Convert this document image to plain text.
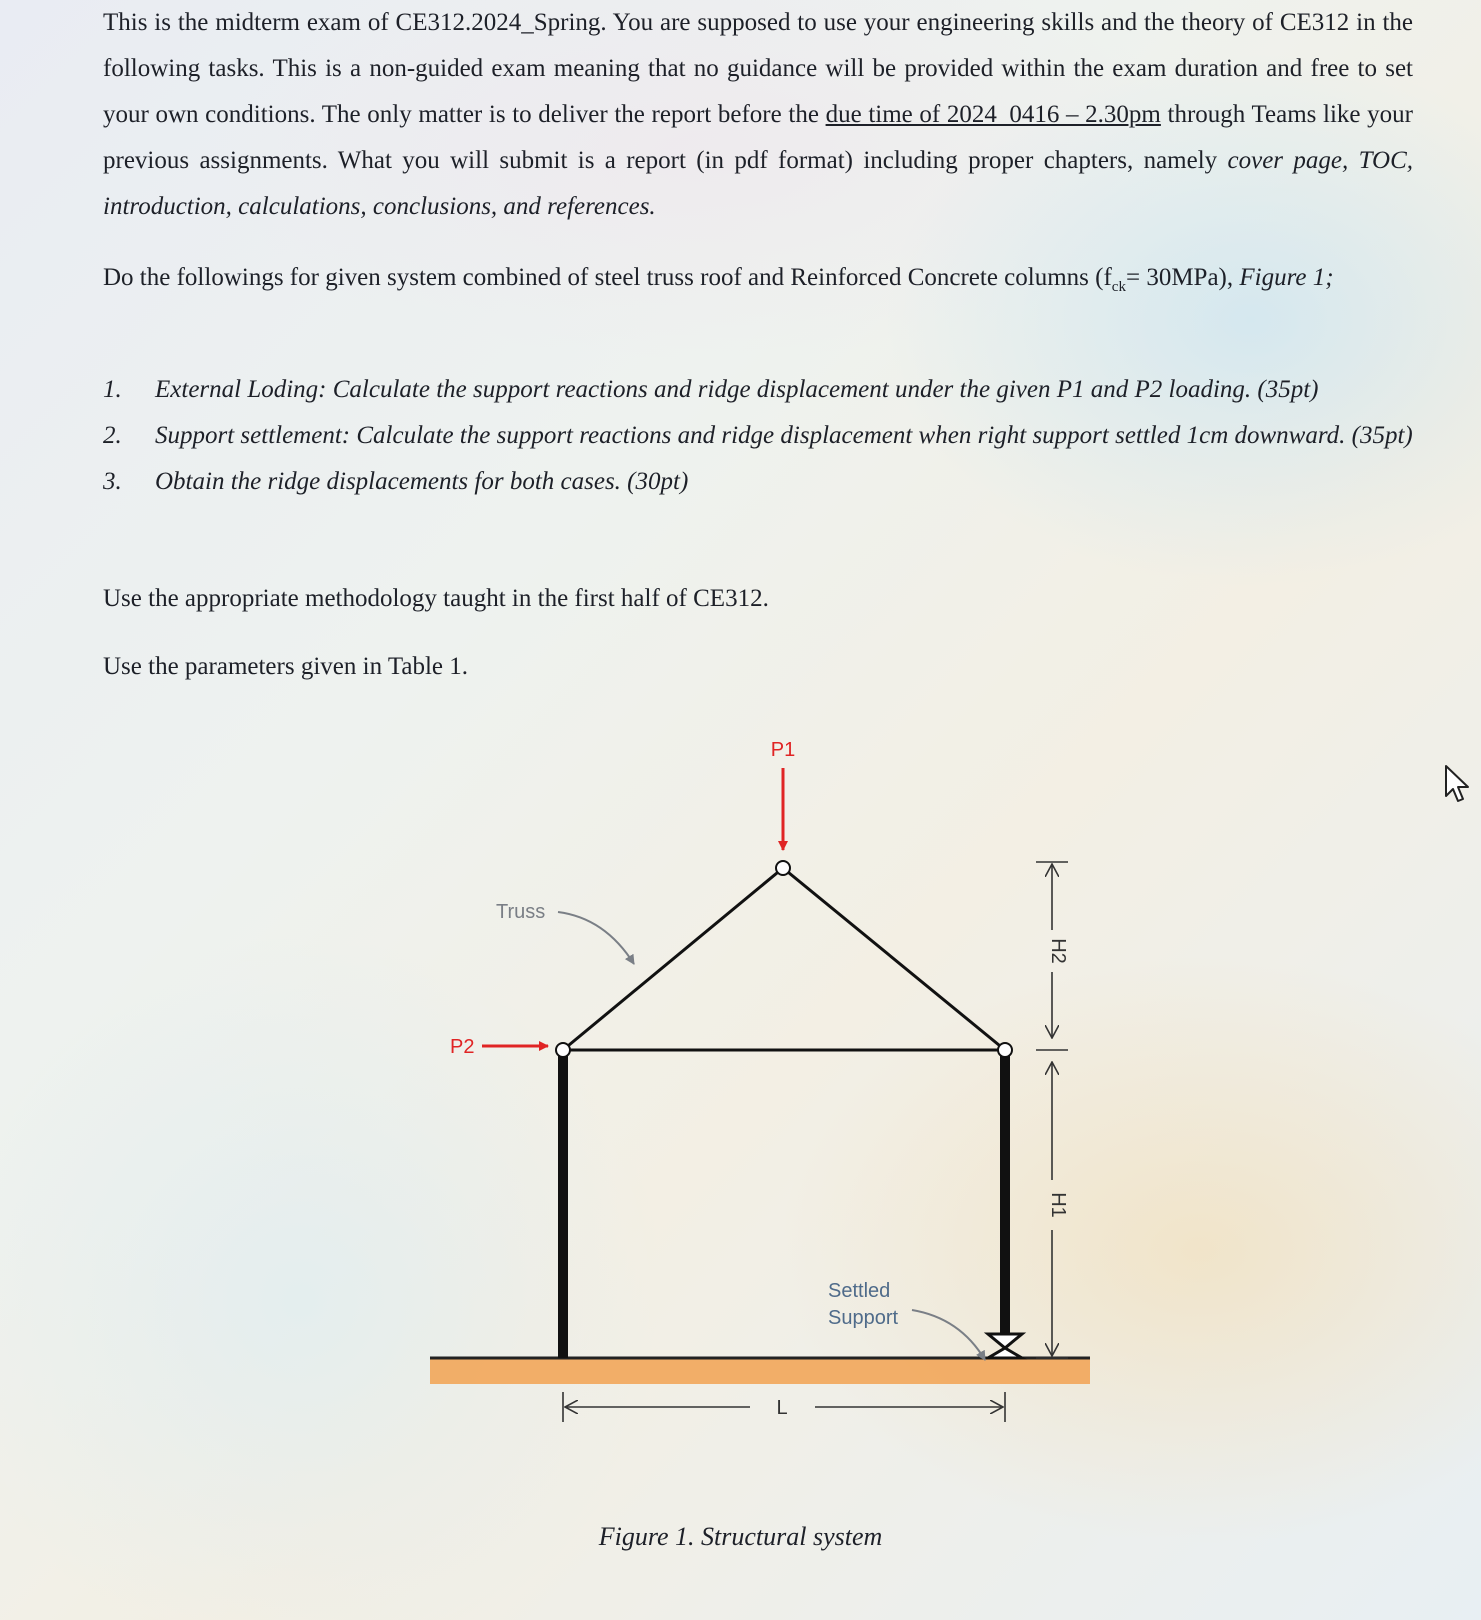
This is the midterm exam of CE312.2024_Spring. You are supposed to use your engineering skills and the theory of CE312 in the following tasks. This is a non-guided exam meaning that no guidance will be provided within the exam duration and free to set your own conditions. The only matter is to deliver the report before the due time of 2024_0416 – 2.30pm through Teams like your previous assignments. What you will submit is a report (in pdf format) including proper chapters, namely cover page, TOC, introduction, calculations, conclusions, and references.
Do the followings for given system combined of steel truss roof and Reinforced Concrete columns $(f_{ck}= 30MPa)$, Figure 1;
1. External Loding: Calculate the support reactions and ridge displacement under the given P1 and P2 loading. (35pt)
2. Support settlement: Calculate the support reactions and ridge displacement when right support settled 1cm downward. (35pt)
3. Obtain the ridge displacements for both cases. (30pt)
Use the appropriate methodology taught in the first half of CE312.
Use the parameters given in Table 1.
P1
P2
Truss
Settled
Support
H2
H1
L
Figure 1. Structural system
